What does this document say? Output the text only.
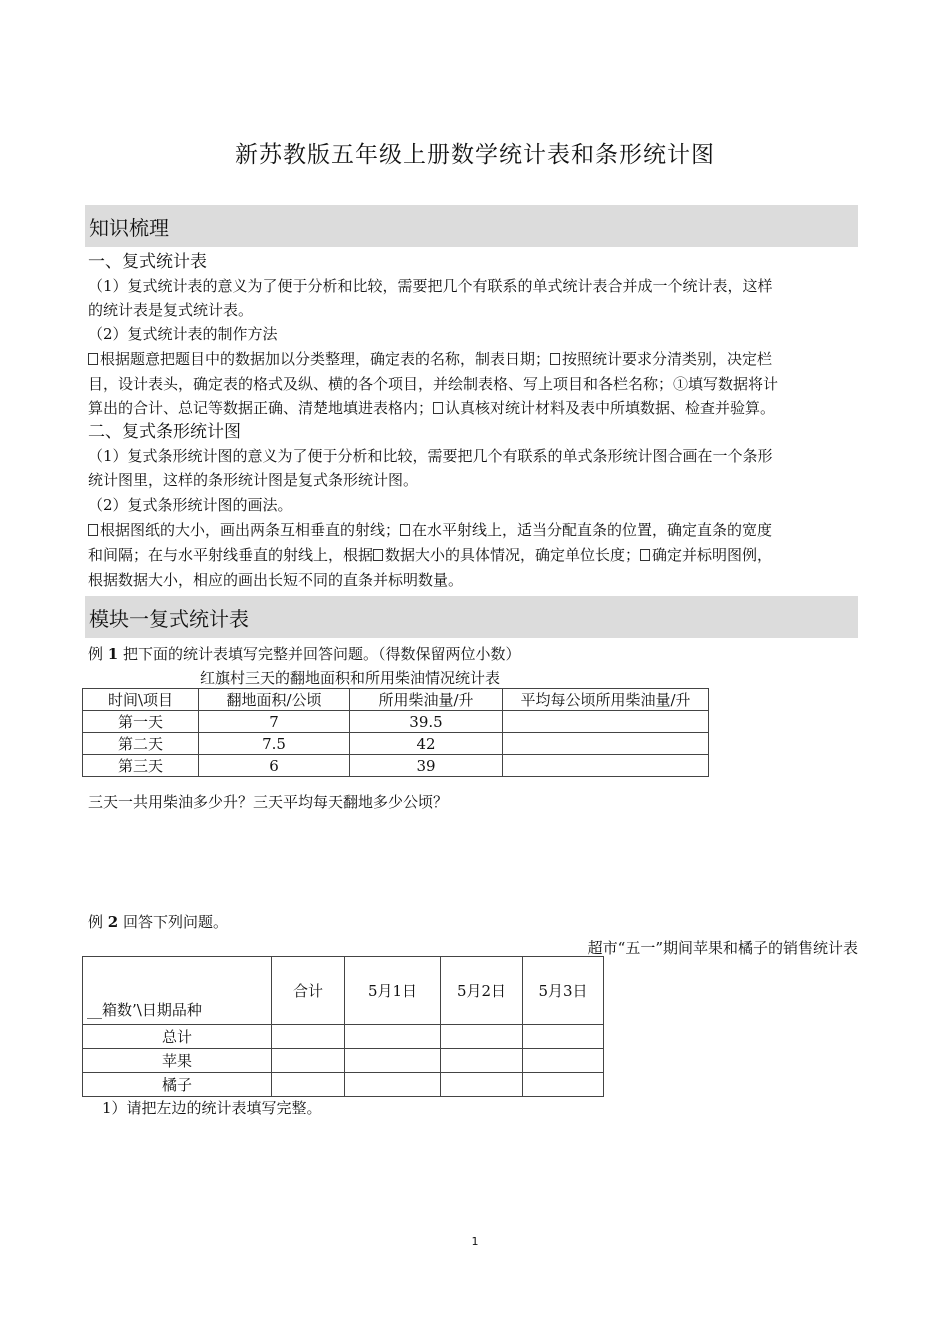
新苏教版五年级上册数学统计表和条形统计图
知识梳理
一、复式统计表
（1）复式统计表的意义为了便于分析和比较，需要把几个有联系的单式统计表合并成一个统计表，这样
的统计表是复式统计表。
（2）复式统计表的制作方法
根据题意把题目中的数据加以分类整理，确定表的名称，制表日期； 按照统计要求分清类别，决定栏
目，设计表头，确定表的格式及纵、横的各个项目，并绘制表格、写上项目和各栏名称；①填写数据将计
算出的合计、总记等数据正确、清楚地填进表格内； 认真核对统计材料及表中所填数据、检查并验算。
二、复式条形统计图
（1）复式条形统计图的意义为了便于分析和比较，需要把几个有联系的单式条形统计图合画在一个条形
统计图里，这样的条形统计图是复式条形统计图。
（2）复式条形统计图的画法。
根据图纸的大小，画出两条互相垂直的射线； 在水平射线上，适当分配直条的位置，确定直条的宽度
和间隔；在与水平射线垂直的射线上，根据 数据大小的具体情况，确定单位长度； 确定并标明图例，
根据数据大小，相应的画出长短不同的直条并标明数量。
模块一复式统计表
例 1 把下面的统计表填写完整并回答问题。（得数保留两位小数）
红旗村三天的翻地面积和所用柴油情况统计表
时间\项目	翻地面积/公顷	所用柴油量/升	平均每公顷所用柴油量/升
第一天	7	39.5	
第二天	7.5	42	
第三天	6	39	
三天一共用柴油多少升？三天平均每天翻地多少公顷？
例 2 回答下列问题。
超市“五一”期间苹果和橘子的销售统计表
__箱数’\日期品种	合计	5月1日	5月2日	5月3日
总计				
苹果				
橘子				
1）请把左边的统计表填写完整。
1
